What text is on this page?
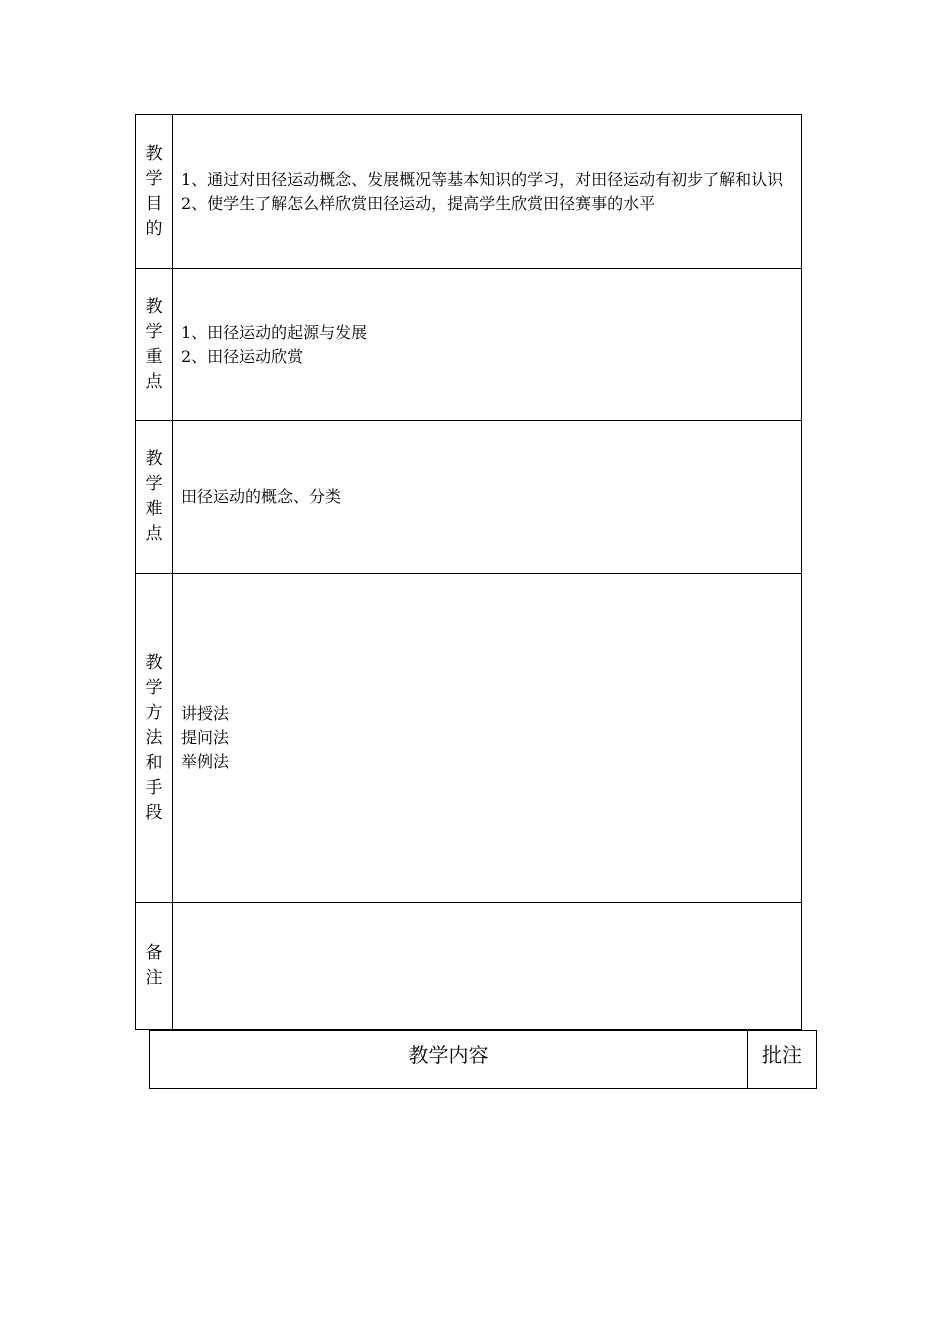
教学目的	1、通过对田径运动概念、发展概况等基本知识的学习，对田径运动有初步了解和认识
2、使学生了解怎么样欣赏田径运动，提高学生欣赏田径赛事的水平

教学重点	1、田径运动的起源与发展
2、田径运动欣赏

教学难点	田径运动的概念、分类

教学方法和手段	讲授法
提问法
举例法

备注	

教学内容	批注
